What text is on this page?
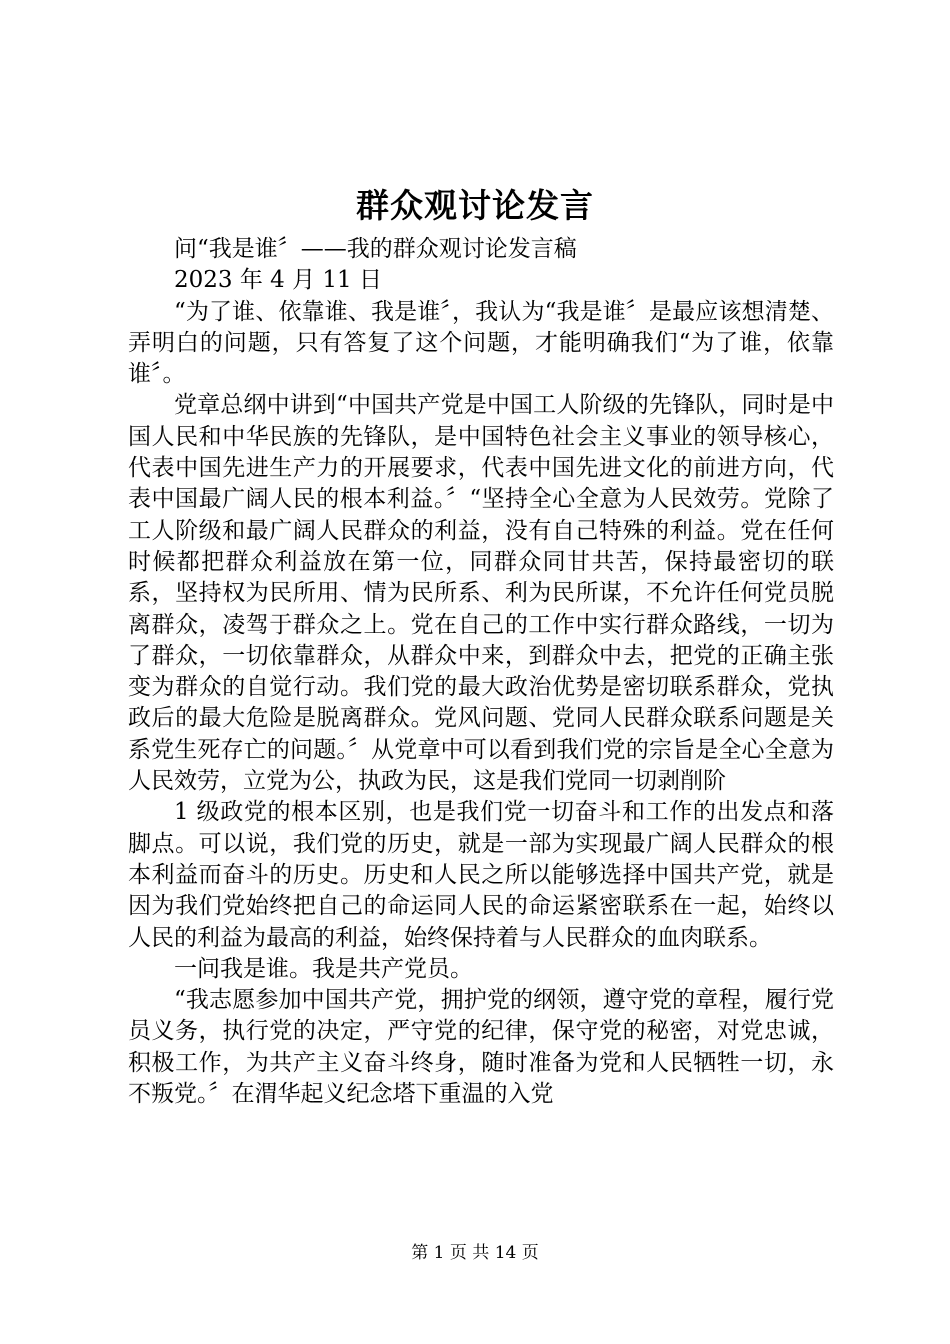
群众观讨论发言

问“我是谁〞——我的群众观讨论发言稿

2023 年 4 月 11 日

“为了谁、依靠谁、我是谁〞，我认为“我是谁〞是最应该想清楚、弄明白的问题，只有答复了这个问题，才能明确我们“为了谁，依靠谁〞。

党章总纲中讲到“中国共产党是中国工人阶级的先锋队，同时是中国人民和中华民族的先锋队，是中国特色社会主义事业的领导核心，代表中国先进生产力的开展要求，代表中国先进文化的前进方向，代表中国最广阔人民的根本利益。〞“坚持全心全意为人民效劳。党除了工人阶级和最广阔人民群众的利益，没有自己特殊的利益。党在任何时候都把群众利益放在第一位，同群众同甘共苦，保持最密切的联系，坚持权为民所用、情为民所系、利为民所谋，不允许任何党员脱离群众，凌驾于群众之上。党在自己的工作中实行群众路线，一切为了群众，一切依靠群众，从群众中来，到群众中去，把党的正确主张变为群众的自觉行动。我们党的最大政治优势是密切联系群众，党执政后的最大危险是脱离群众。党风问题、党同人民群众联系问题是关系党生死存亡的问题。〞从党章中可以看到我们党的宗旨是全心全意为人民效劳，立党为公，执政为民，这是我们党同一切剥削阶

1 级政党的根本区别，也是我们党一切奋斗和工作的出发点和落脚点。可以说，我们党的历史，就是一部为实现最广阔人民群众的根本利益而奋斗的历史。历史和人民之所以能够选择中国共产党，就是因为我们党始终把自己的命运同人民的命运紧密联系在一起，始终以人民的利益为最高的利益，始终保持着与人民群众的血肉联系。

一问我是谁。我是共产党员。

“我志愿参加中国共产党，拥护党的纲领，遵守党的章程，履行党员义务，执行党的决定，严守党的纪律，保守党的秘密，对党忠诚，积极工作，为共产主义奋斗终身，随时准备为党和人民牺牲一切，永不叛党。〞在渭华起义纪念塔下重温的入党

第 1 页 共 14 页
